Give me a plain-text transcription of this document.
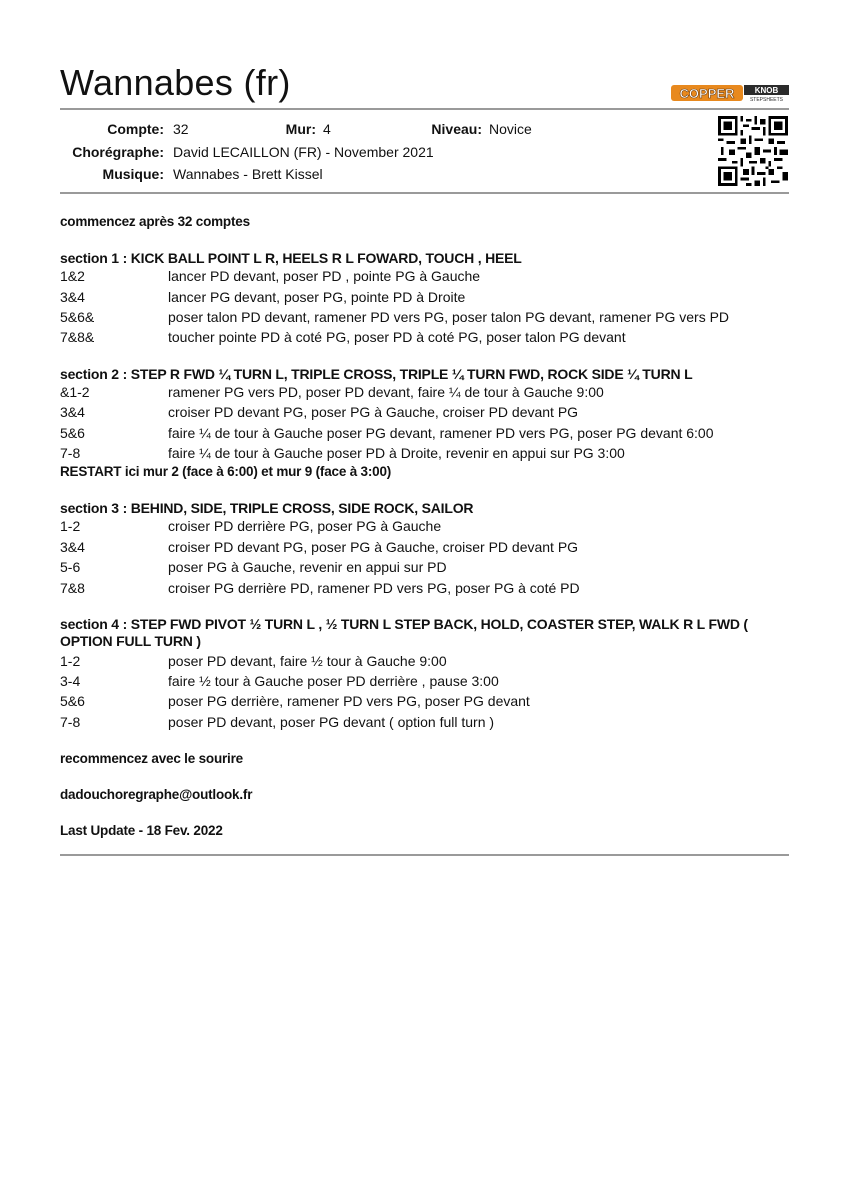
Wannabes (fr)	COPPER	KNOB
STEPSHEETS
Compte: 32	Mur: 4	Niveau: Novice
Chorégraphe: David LECAILLON (FR) - November 2021
Musique: Wannabes - Brett Kissel
commencez après 32 comptes
section 1 : KICK BALL POINT L R, HEELS R L FOWARD, TOUCH , HEEL
1&2	lancer PD devant, poser PD , pointe PG à Gauche
3&4	lancer PG devant, poser PG, pointe PD à Droite
5&6&	poser talon PD devant, ramener PD vers PG, poser talon PG devant, ramener PG vers PD
7&8&	toucher pointe PD à coté PG, poser PD à coté PG, poser talon PG devant
section 2 : STEP R FWD ¼ TURN L, TRIPLE CROSS, TRIPLE ¼ TURN FWD, ROCK SIDE ¼ TURN L
&1-2	ramener PG vers PD, poser PD devant, faire ¼ de tour à Gauche 9:00
3&4	croiser PD devant PG, poser PG à Gauche, croiser PD devant PG
5&6	faire ¼ de tour à Gauche poser PG devant, ramener PD vers PG, poser PG devant 6:00
7-8	faire ¼ de tour à Gauche poser PD à Droite, revenir en appui sur PG 3:00
RESTART ici mur 2 (face à 6:00) et mur 9 (face à 3:00)
section 3 : BEHIND, SIDE, TRIPLE CROSS, SIDE ROCK, SAILOR
1-2	croiser PD derrière PG, poser PG à Gauche
3&4	croiser PD devant PG, poser PG à Gauche, croiser PD devant PG
5-6	poser PG à Gauche, revenir en appui sur PD
7&8	croiser PG derrière PD, ramener PD vers PG, poser PG à coté PD
section 4 : STEP FWD PIVOT ½ TURN L , ½ TURN L STEP BACK, HOLD, COASTER STEP, WALK R L FWD ( OPTION FULL TURN )
1-2	poser PD devant, faire ½ tour à Gauche 9:00
3-4	faire ½ tour à Gauche poser PD derrière , pause 3:00
5&6	poser PG derrière, ramener PD vers PG, poser PG devant
7-8	poser PD devant, poser PG devant ( option full turn )
recommencez avec le sourire
dadouchoregraphe@outlook.fr
Last Update - 18 Fev. 2022
